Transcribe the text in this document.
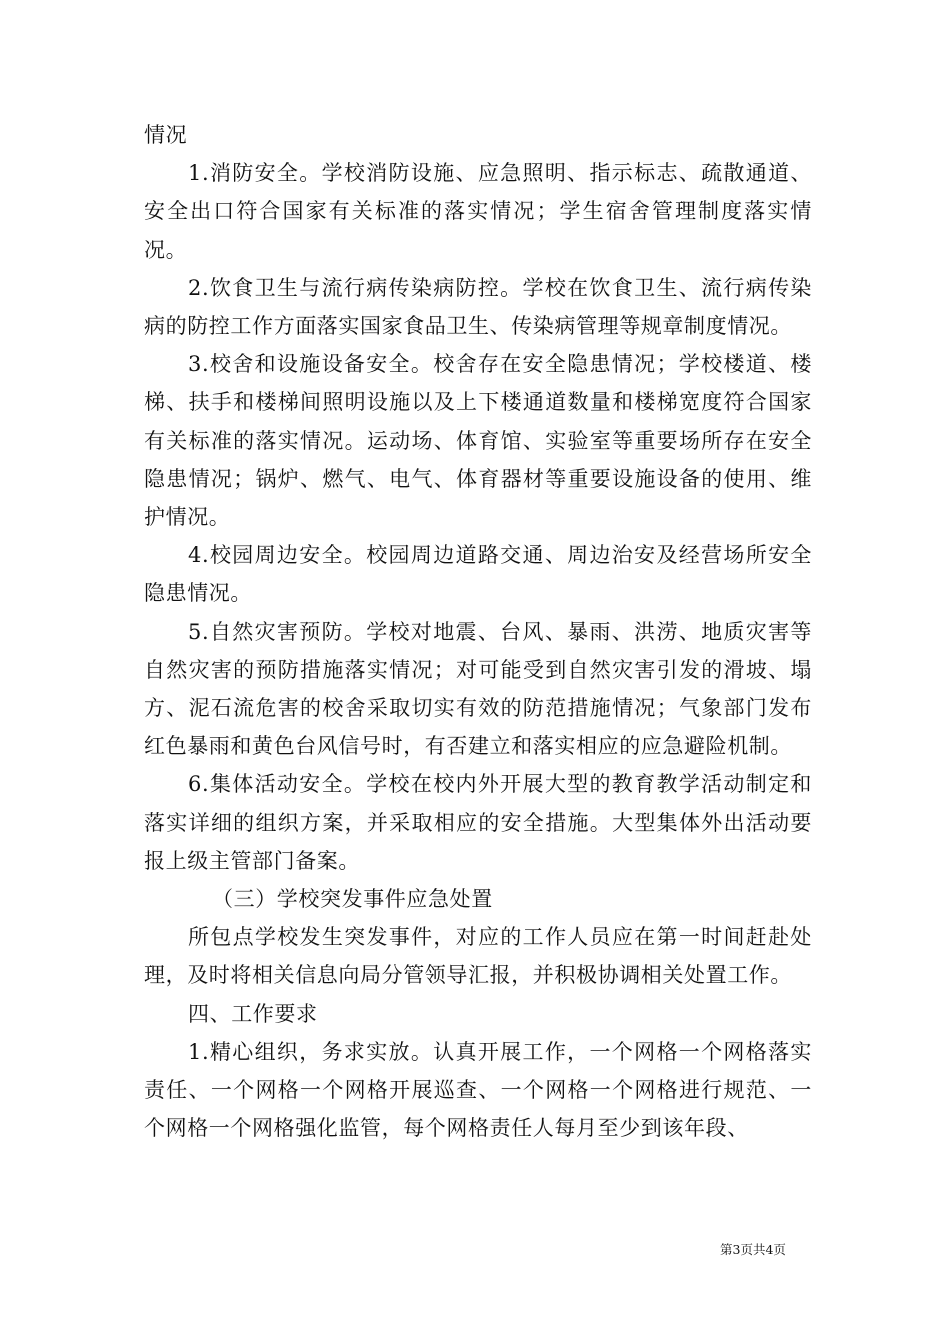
情况

1.消防安全。学校消防设施、应急照明、指示标志、疏散通道、安全出口符合国家有关标准的落实情况；学生宿舍管理制度落实情况。

2.饮食卫生与流行病传染病防控。学校在饮食卫生、流行病传染病的防控工作方面落实国家食品卫生、传染病管理等规章制度情况。

3.校舍和设施设备安全。校舍存在安全隐患情况；学校楼道、楼梯、扶手和楼梯间照明设施以及上下楼通道数量和楼梯宽度符合国家有关标准的落实情况。运动场、体育馆、实验室等重要场所存在安全隐患情况；锅炉、燃气、电气、体育器材等重要设施设备的使用、维护情况。

4.校园周边安全。校园周边道路交通、周边治安及经营场所安全隐患情况。

5.自然灾害预防。学校对地震、台风、暴雨、洪涝、地质灾害等自然灾害的预防措施落实情况；对可能受到自然灾害引发的滑坡、塌方、泥石流危害的校舍采取切实有效的防范措施情况；气象部门发布红色暴雨和黄色台风信号时，有否建立和落实相应的应急避险机制。

6.集体活动安全。学校在校内外开展大型的教育教学活动制定和落实详细的组织方案，并采取相应的安全措施。大型集体外出活动要报上级主管部门备案。

（三）学校突发事件应急处置

所包点学校发生突发事件，对应的工作人员应在第一时间赶赴处理，及时将相关信息向局分管领导汇报，并积极协调相关处置工作。

四、工作要求

1.精心组织，务求实放。认真开展工作，一个网格一个网格落实责任、一个网格一个网格开展巡查、一个网格一个网格进行规范、一个网格一个网格强化监管，每个网格责任人每月至少到该年段、

第3页共4页
